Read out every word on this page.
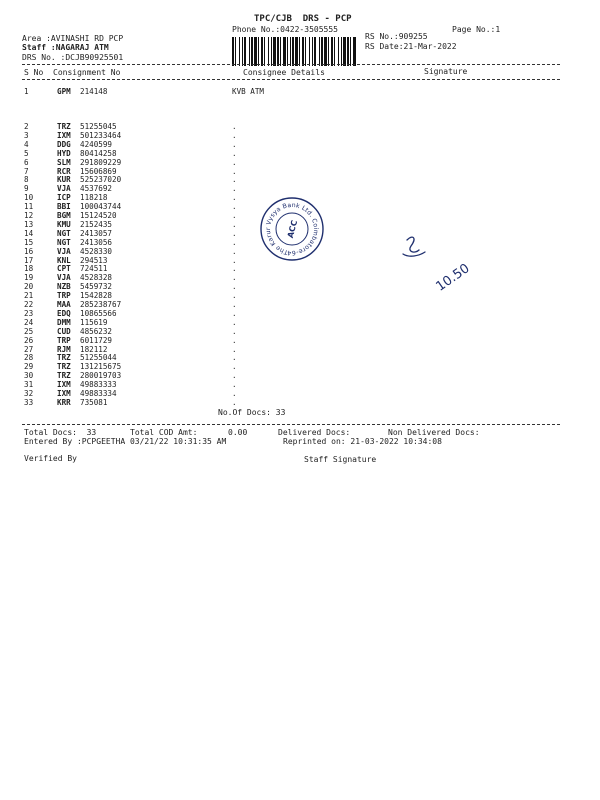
TPC/CJB  DRS - PCP
Phone No.:0422-3505555	Page No.:1
Area :AVINASHI RD PCP	RS No.:909255
Staff :NAGARAJ ATM	RS Date:21-Mar-2022
DRS No. :DCJB90925501
S No Consignment No	Consignee Details	Signature
1	GPM 214148	KVB ATM
2	TRZ 51255045	.
3	IXM 501233464	.
4	DDG 4240599	.
5	HYD 80414258	.
6	SLM 291809229	.
7	RCR 15606869	.
8	KUR 525237020	.
9	VJA 4537692	.
10	ICP 118218	.
11	BBI 100043744	.
12	BGM 15124520	.
13	KMU 2152435	.
14	NGT 2413057	.
15	NGT 2413056	.
16	VJA 4528330	.
17	KNL 294513	.
18	CPT 724511	.
19	VJA 4528328	.
20	NZB 5459732	.
21	TRP 1542828	.
22	MAA 285238767	.
23	EDQ 10865566	.
24	DMM 115619	.
25	CUD 4856232	.
26	TRP 6011729	.
27	RJM 182112	.
28	TRZ 51255044	.
29	TRZ 131215675	.
30	TRZ 280019703	.
31	IXM 49883333	.
32	IXM 49883334	.
33	KRR 735081	.
The Karur Vysya Bank Ltd. Coimbatore-641004
ACC
10.50
No.Of Docs: 33
Total Docs:  33	Total COD Amt:	0.00	Delivered Docs:	Non Delivered Docs:
Entered By :PCPGEETHA 03/21/22 10:31:35 AM	Reprinted on: 21-03-2022 10:34:08
Verified By	Staff Signature
